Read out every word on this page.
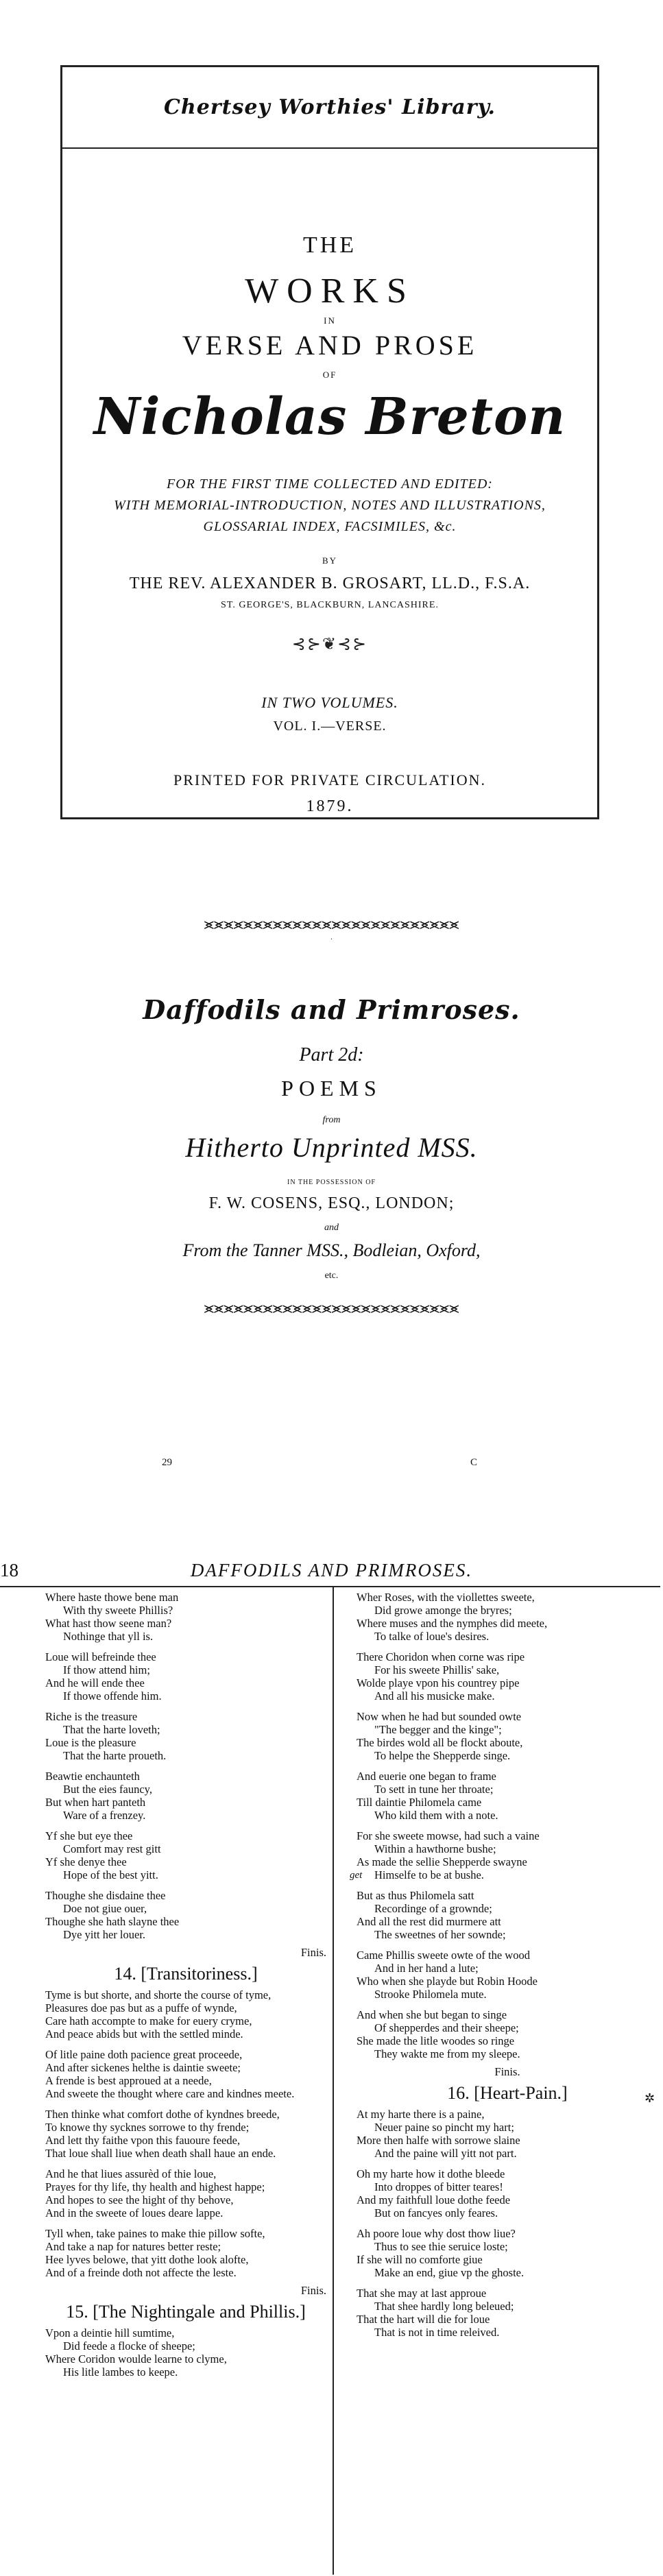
Chertsey Worthies' Library.
THE
WORKS
IN
VERSE AND PROSE
OF
Nicholas Breton
FOR THE FIRST TIME COLLECTED AND EDITED:
WITH MEMORIAL-INTRODUCTION, NOTES AND ILLUSTRATIONS,
GLOSSARIAL INDEX, FACSIMILES, &c.
BY
THE REV. ALEXANDER B. GROSART, LL.D., F.S.A.
ST. GEORGE'S, BLACKBURN, LANCASHIRE.
⊰⊱❦⊰⊱
IN TWO VOLUMES.
VOL. I.—VERSE.
PRINTED FOR PRIVATE CIRCULATION.
1879.
⪤⪤⪤⪤⪤⪤⪤⪤⪤⪤⪤⪤⪤⪤⪤⪤⪤⪤⪤⪤⪤⪤⪤⪤⪤⪤
·
Daffodils and Primroses.
Part 2d:
POEMS
from
Hitherto Unprinted MSS.
IN THE POSSESSION OF
F. W. COSENS, ESQ., LONDON;
and
From the Tanner MSS., Bodleian, Oxford,
etc.
⪤⪤⪤⪤⪤⪤⪤⪤⪤⪤⪤⪤⪤⪤⪤⪤⪤⪤⪤⪤⪤⪤⪤⪤⪤⪤
29	C
18	DAFFODILS AND PRIMROSES.
Where haste thowe bene man
With thy sweete Phillis?
What hast thow seene man?
Nothinge that yll is.
Loue will befreinde thee
If thow attend him;
And he will ende thee
If thowe offende him.
Riche is the treasure
That the harte loveth;
Loue is the pleasure
That the harte proueth.
Beawtie enchaunteth
But the eies fauncy,
But when hart panteth
Ware of a frenzey.
Yf she but eye thee
Comfort may rest gitt
Yf she denye thee
Hope of the best yitt.
Thoughe she disdaine thee
Doe not giue ouer,
Thoughe she hath slayne thee
Dye yitt her louer.
Finis.
14. [Transitoriness.]
Tyme is but shorte, and shorte the course of tyme,
Pleasures doe pas but as a puffe of wynde,
Care hath accompte to make for euery cryme,
And peace abids but with the settled minde.
Of litle paine doth pacience great proceede,
And after sickenes helthe is daintie sweete;
A frende is best approued at a neede,
And sweete the thought where care and kindnes meete.
Then thinke what comfort dothe of kyndnes breede,
To knowe thy sycknes sorrowe to thy frende;
And lett thy faithe vpon this fauoure feede,
That loue shall liue when death shall haue an ende.
And he that liues assurèd of thie loue,
Prayes for thy life, thy health and highest happe;
And hopes to see the hight of thy behove,
And in the sweete of loues deare lappe.
Tyll when, take paines to make thie pillow softe,
And take a nap for natures better reste;
Hee lyves belowe, that yitt dothe look alofte,
And of a freinde doth not affecte the leste.
Finis.
15. [The Nightingale and Phillis.]
Vpon a deintie hill sumtime,
Did feede a flocke of sheepe;
Where Coridon woulde learne to clyme,
His litle lambes to keepe.
Wher Roses, with the viollettes sweete,
Did growe amonge the bryres;
Where muses and the nymphes did meete,
To talke of loue's desires.
There Choridon when corne was ripe
For his sweete Phillis' sake,
Wolde playe vpon his countrey pipe
And all his musicke make.
Now when he had but sounded owte
"The begger and the kinge";
The birdes wold all be flockt aboute,
To helpe the Shepperde singe.
And euerie one began to frame
To sett in tune her throate;
Till daintie Philomela came
Who kild them with a note.
For she sweete mowse, had such a vaine
Within a hawthorne bushe;
As made the sellie Shepperde swayne
Himselfe to be at bushe.
But as thus Philomela satt
Recordinge of a grownde;
And all the rest did murmere att
The sweetnes of her sownde;
Came Phillis sweete owte of the wood
And in her hand a lute;
Who when she playde but Robin Hoode
Strooke Philomela mute.
And when she but began to singe
Of shepperdes and their sheepe;
She made the litle woodes so ringe
They wakte me from my sleepe.
Finis.
16. [Heart-Pain.]
At my harte there is a paine,
Neuer paine so pincht my hart;
More then halfe with sorrowe slaine
And the paine will yitt not part.
Oh my harte how it dothe bleede
Into droppes of bitter teares!
And my faithfull loue dothe feede
But on fancyes only feares.
Ah poore loue why dost thow liue?
Thus to see thie seruice loste;
If she will no comforte giue
Make an end, giue vp the ghoste.
That she may at last approue
That shee hardly long beleued;
That the hart will die for loue
That is not in time releived.
get
✲
